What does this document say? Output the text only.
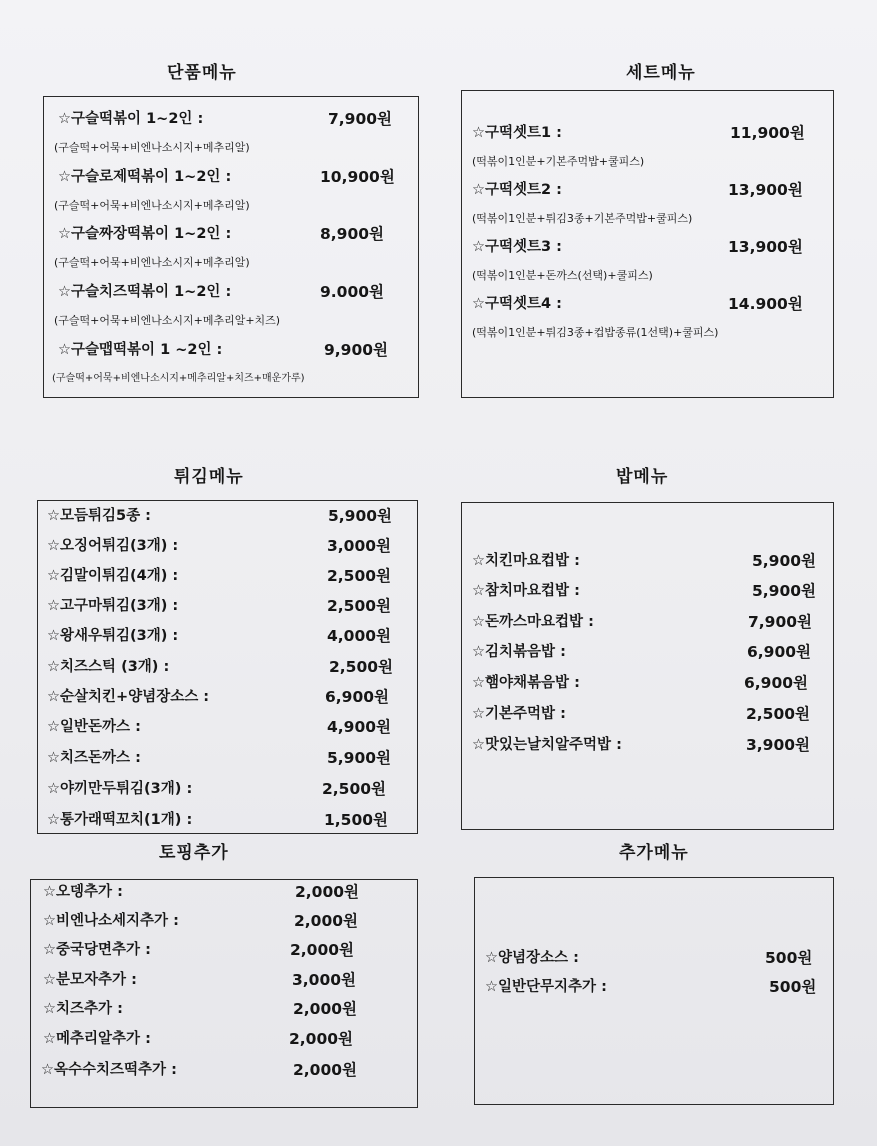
단품메뉴
☆구슬떡볶이 1~2인 :	7,900원
(구슬떡+어묵+비엔나소시지+메추리알)
☆구슬로제떡볶이 1~2인 :	10,900원
(구슬떡+어묵+비엔나소시지+메추리알)
☆구슬짜장떡볶이 1~2인 :	8,900원
(구슬떡+어묵+비엔나소시지+메추리알)
☆구슬치즈떡볶이 1~2인 :	9.000원
(구슬떡+어묵+비엔나소시지+메추리알+치즈)
☆구슬맵떡볶이 1 ~2인 :	9,900원
(구슬떡+어묵+비엔나소시지+메추리알+치즈+매운가루)
세트메뉴
☆구떡셋트1 :	11,900원
(떡볶이1인분+기본주먹밥+쿨피스)
☆구떡셋트2 :	13,900원
(떡볶이1인분+튀김3종+기본주먹밥+쿨피스)
☆구떡셋트3 :	13,900원
(떡볶이1인분+돈까스(선택)+쿨피스)
☆구떡셋트4 :	14.900원
(떡볶이1인분+튀김3종+컵밥종류(1선택)+쿨피스)
튀김메뉴
☆모듬튀김5종 :	5,900원
☆오징어튀김(3개) :	3,000원
☆김말이튀김(4개) :	2,500원
☆고구마튀김(3개) :	2,500원
☆왕새우튀김(3개) :	4,000원
☆치즈스틱 (3개) :	2,500원
☆순살치킨+양념장소스 :	6,900원
☆일반돈까스 :	4,900원
☆치즈돈까스 :	5,900원
☆야끼만두튀김(3개) :	2,500원
☆통가래떡꼬치(1개) :	1,500원
밥메뉴
☆치킨마요컵밥 :	5,900원
☆참치마요컵밥 :	5,900원
☆돈까스마요컵밥 :	7,900원
☆김치볶음밥 :	6,900원
☆햄야채볶음밥 :	6,900원
☆기본주먹밥 :	2,500원
☆맛있는날치알주먹밥 :	3,900원
토핑추가
☆오뎅추가 :	2,000원
☆비엔나소세지추가 :	2,000원
☆중국당면추가 :	2,000원
☆분모자추가 :	3,000원
☆치즈추가 :	2,000원
☆메추리알추가 :	2,000원
☆옥수수치즈떡추가 :	2,000원
추가메뉴
☆양념장소스 :	500원
☆일반단무지추가 :	500원
